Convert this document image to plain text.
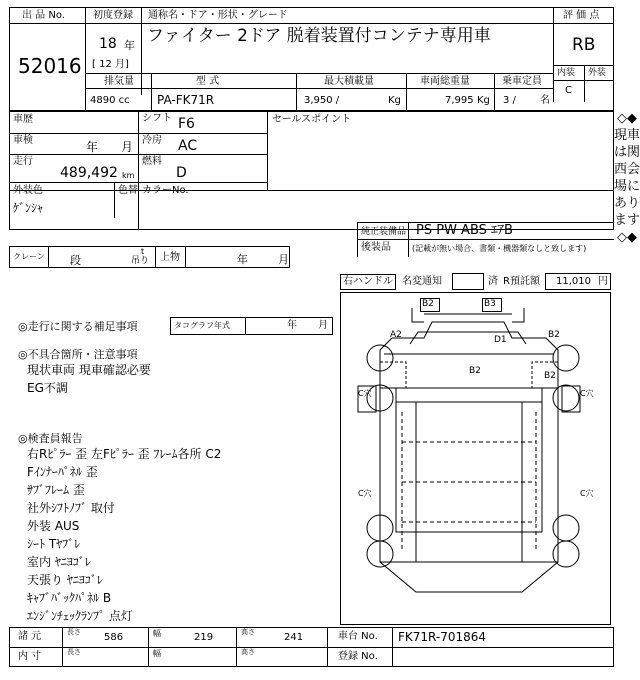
出 品 No.
52016
初度登録
18 年
[ 12 月]
通称名・ドア・形状・グレード
ファイター 2ドア 脱着装置付コンテナ専用車
評 価 点
RB
内装 外装
C
排気量
4890 cc
型 式
PA-FK71R
最大積載量
3,950 /	Kg
車両総重量
7,995 Kg
乗車定員
3 / 名
車歴	シフト F6
車検	年 月 冷房 AC
走行
489,492 km
燃料
D
セールスポイント
外装色
ｹﾞﾝｼｬ
色替 カラーNo.
純正装備品 PS PW ABS ｴｱB
後装品	(記載が無い場合、書類・機器類なしと致します)
クレーン 段
t
吊り 上物	年	月
右ハンドル 名変通知	済 R預託額 11,010 円
◎走行に関する補足事項	タコグラフ年式	年 月
◎不具合箇所・注意事項
現状車両 現車確認必要
EG不調
◎検査員報告
右Rﾋﾟﾗｰ 歪 左Fﾋﾟﾗｰ 歪 ﾌﾚｰﾑ各所 C2
Fｲﾝﾅｰﾊﾟﾈﾙ 歪
ｻﾌﾞﾌﾚｰﾑ 歪
社外ｼﾌﾄﾉﾌﾞ 取付
外装 AUS
ｼｰﾄ Tﾔﾌﾞﾚ
室内 ﾔﾆﾖｺﾞﾚ
天張り ﾔﾆﾖｺﾞﾚ
ｷｬﾌﾞﾊﾞｯｸﾊﾟﾈﾙ B
ｴﾝｼﾞﾝﾁｪｯｸﾗﾝﾌﾟ 点灯
B2	B3
A2	D1	B2
B2	B2
C穴	C穴
C穴	C穴
◇◆現車は関西会場にあります◇◆
諸 元	長さ 586	幅	219	高さ	241	車台 No. FK71R-701864
内 寸	長さ	幅	高さ	登録 No.
